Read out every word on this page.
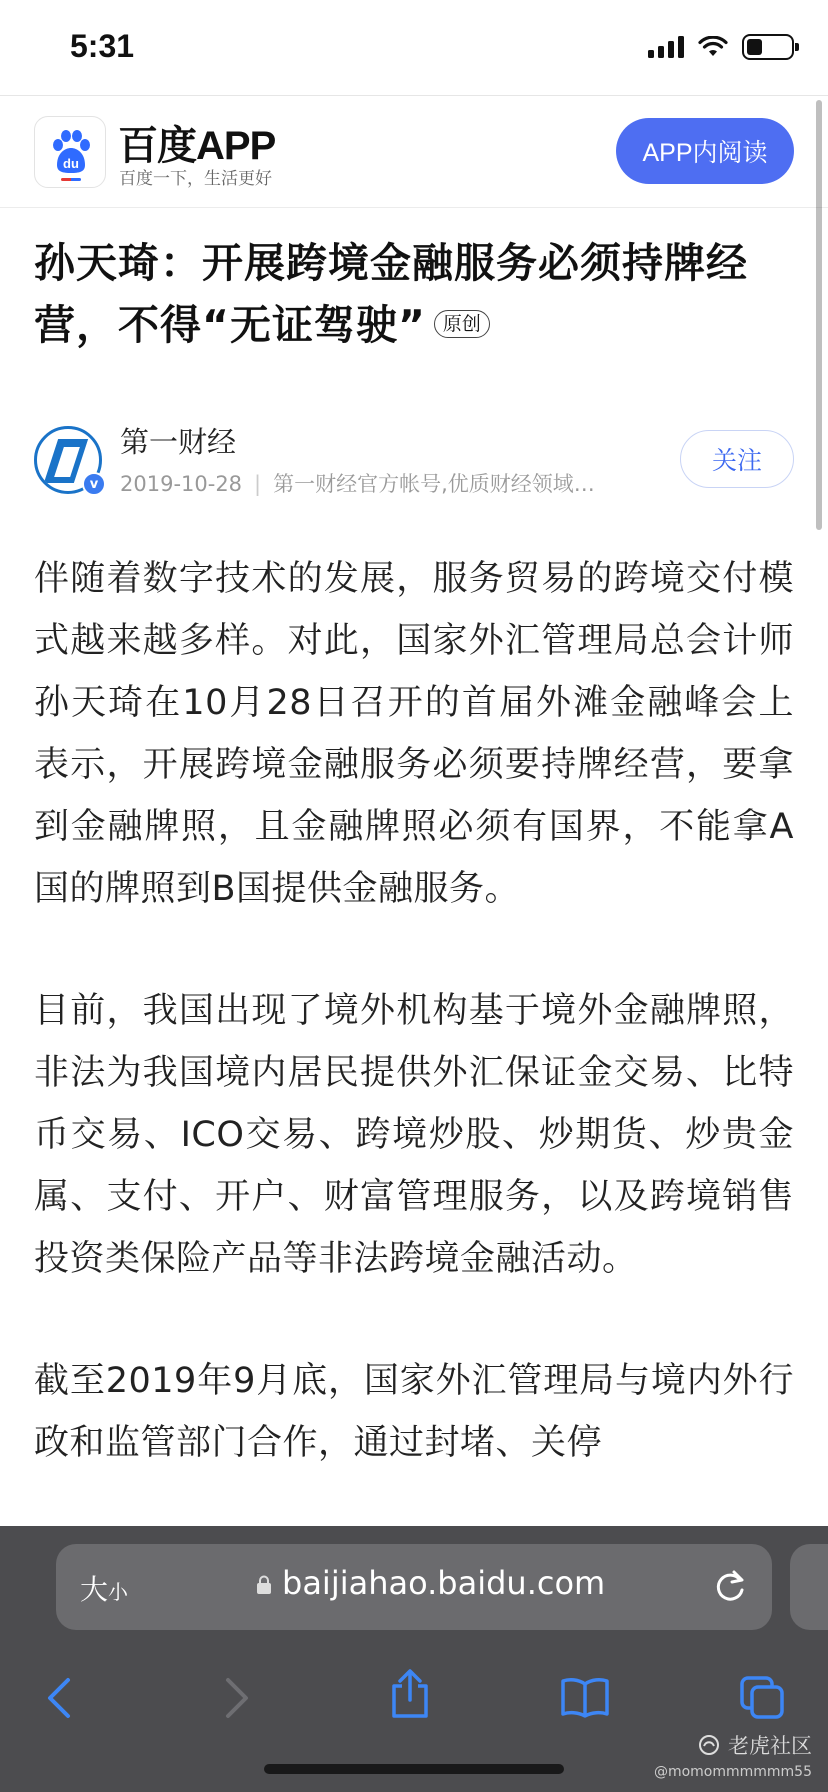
5:31
du 百度APP
百度一下，生活更好
APP内阅读
孙天琦：开展跨境金融服务必须持牌经营，不得“无证驾驶” 原创
v
第一财经
2019-10-28 | 第一财经官方帐号,优质财经领域…
关注

伴随着数字技术的发展，服务贸易的跨境交付模式越来越多样。对此，国家外汇管理局总会计师孙天琦在10月28日召开的首届外滩金融峰会上表示，开展跨境金融服务必须要持牌经营，要拿到金融牌照，且金融牌照必须有国界，不能拿A国的牌照到B国提供金融服务。

目前，我国出现了境外机构基于境外金融牌照，非法为我国境内居民提供外汇保证金交易、比特币交易、ICO交易、跨境炒股、炒期货、炒贵金属、支付、开户、财富管理服务，以及跨境销售投资类保险产品等非法跨境金融活动。

截至2019年9月底，国家外汇管理局与境内外行政和监管部门合作，通过封堵、关停

大小	baijiahao.baidu.com
老虎社区
@momommmmmm55
